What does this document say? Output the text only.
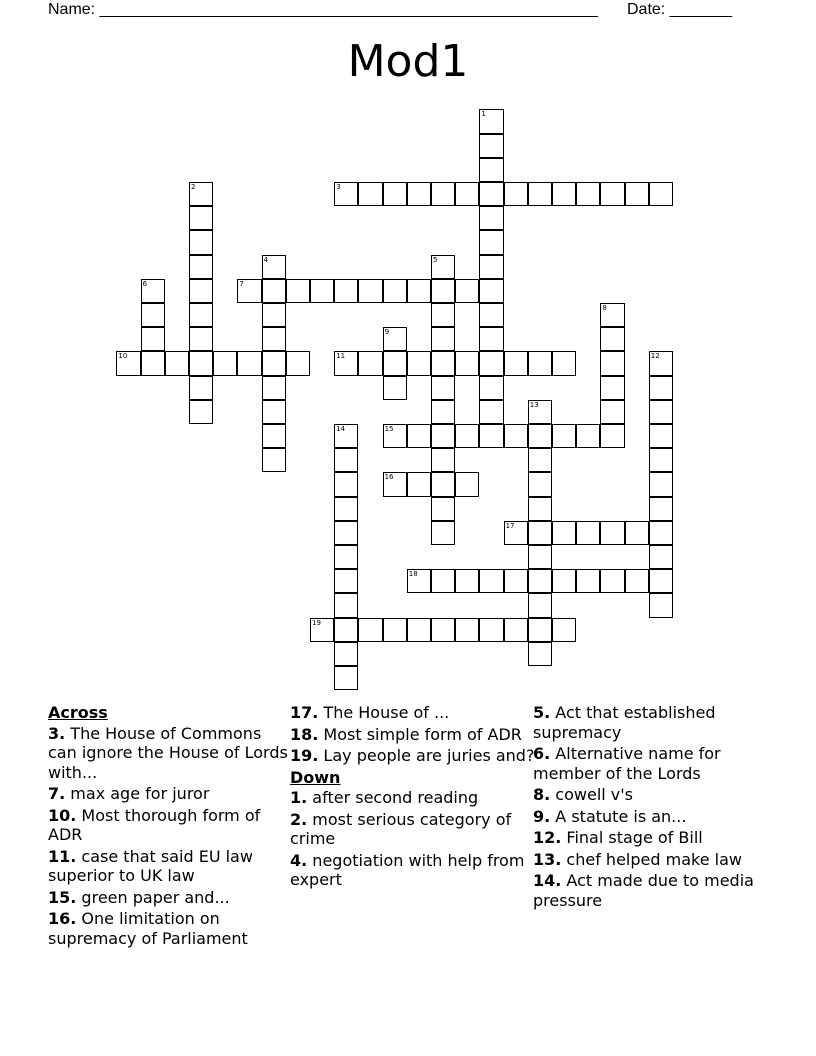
Name: ________________________________________________________ Date: _______
Mod1
1
2	3
4	5
6	7
8
9
10	11	12
13
14	15
16
17
18
19
Across
3. The House of Commons can ignore the House of Lords with...
7. max age for juror
10. Most thorough form of ADR
11. case that said EU law superior to UK law
15. green paper and...
16. One limitation on supremacy of Parliament
17. The House of ...
18. Most simple form of ADR
19. Lay people are juries and?
Down
1. after second reading
2. most serious category of crime
4. negotiation with help from expert
5. Act that established supremacy
6. Alternative name for member of the Lords
8. cowell v's
9. A statute is an...
12. Final stage of Bill
13. chef helped make law
14. Act made due to media pressure
